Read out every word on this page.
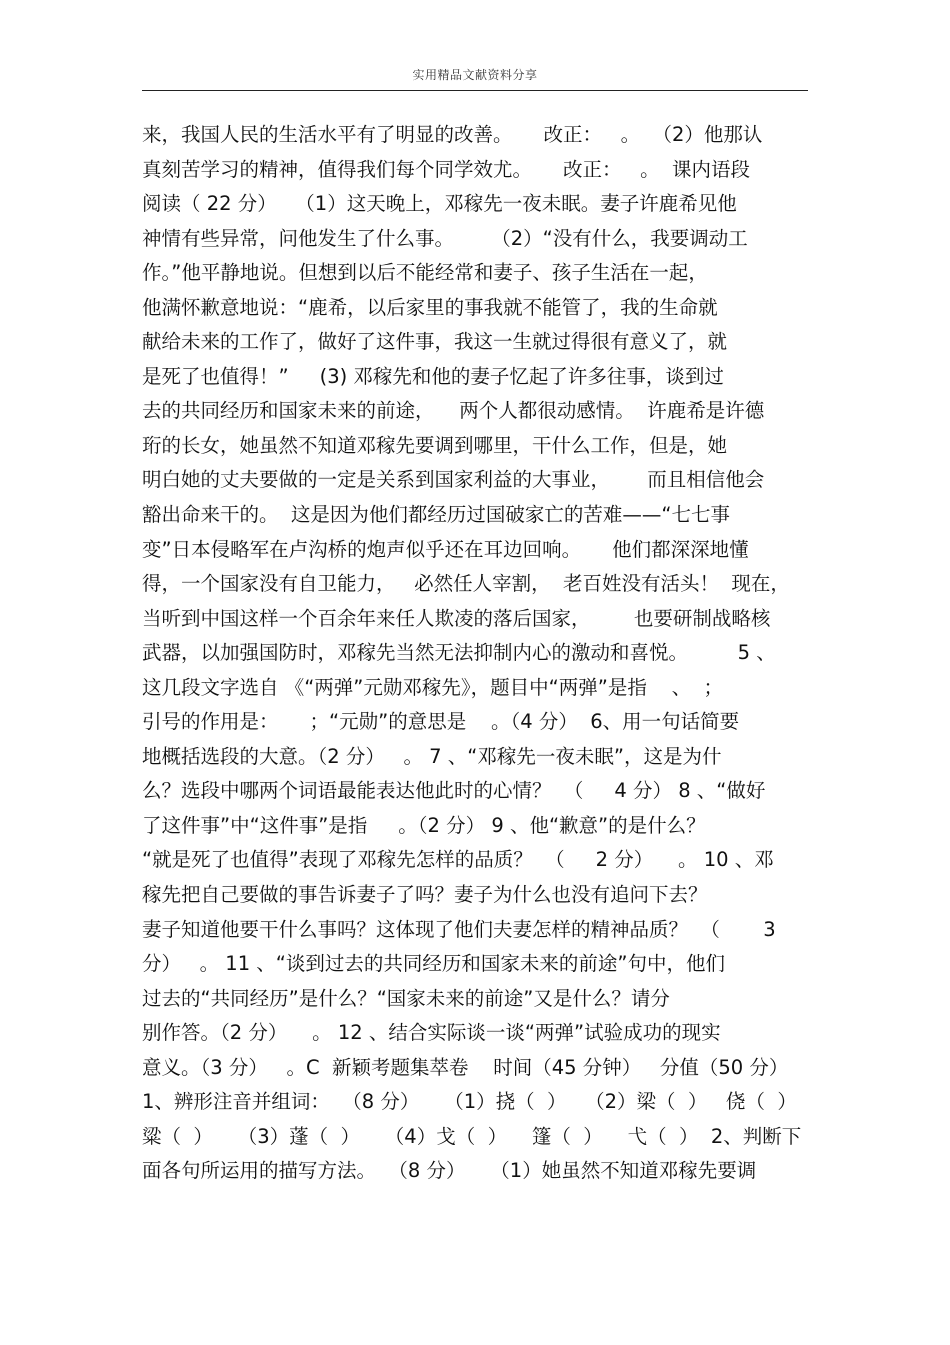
实用精品文献资料分享
来，我国人民的生活水平有了明显的改善。     改正：   。  （2）他那认
真刻苦学习的精神，值得我们每个同学效尤。     改正：   。  课内语段
阅读（ 22 分）   （1）这天晚上，邓稼先一夜未眠。妻子许鹿希见他
神情有些异常，问他发生了什么事。      （2）“没有什么，我要调动工
作。”他平静地说。但想到以后不能经常和妻子、孩子生活在一起，
他满怀歉意地说：“鹿希，以后家里的事我就不能管了，我的生命就
献给未来的工作了，做好了这件事，我这一生就过得很有意义了，就
是死了也值得！”     (3) 邓稼先和他的妻子忆起了许多往事，谈到过
去的共同经历和国家未来的前途，    两个人都很动感情。  许鹿希是许德
珩的长女，她虽然不知道邓稼先要调到哪里，干什么工作，但是，她
明白她的丈夫要做的一定是关系到国家利益的大事业，      而且相信他会
豁出命来干的。  这是因为他们都经历过国破家亡的苦难——“七七事
变”日本侵略军在卢沟桥的炮声似乎还在耳边回响。     他们都深深地懂
得，一个国家没有自卫能力，   必然任人宰割，  老百姓没有活头！  现在，
当听到中国这样一个百余年来任人欺凌的落后国家，       也要研制战略核
武器，以加强国防时，邓稼先当然无法抑制内心的激动和喜悦。        5 、
这几段文字选自 《“两弹”元勋邓稼先》，题目中“两弹”是指    、  ；
引号的作用是：     ；“元勋”的意思是    。（4 分）  6、用一句话简要
地概括选段的大意。（2 分）   。 7 、“邓稼先一夜未眠”，这是为什
么？选段中哪两个词语最能表达他此时的心情？  （     4 分） 8 、“做好
了这件事”中“这件事”是指     。（2 分） 9 、他“歉意”的是什么？
“就是死了也值得”表现了邓稼先怎样的品质？  （     2 分）    。 10 、邓
稼先把自己要做的事告诉妻子了吗？妻子为什么也没有追问下去？
妻子知道他要干什么事吗？这体现了他们夫妻怎样的精神品质？  （       3
分）   。 11 、“谈到过去的共同经历和国家未来的前途”句中，他们
过去的“共同经历”是什么？“国家未来的前途”又是什么？请分
别作答。（2 分）    。 12 、结合实际谈一谈“两弹”试验成功的现实
意义。（3 分）   。C  新颖考题集萃卷    时间（45 分钟）   分值（50 分）
1、辨形注音并组词：  （8 分）    （1）挠（  ）   （2）梁（  ）   侥（  ）
粱（  ）    （3）蓬（  ）    （4）戈（  ）    篷（  ）    弋（  ）  2、判断下
面各句所运用的描写方法。  （8 分）    （1）她虽然不知道邓稼先要调
